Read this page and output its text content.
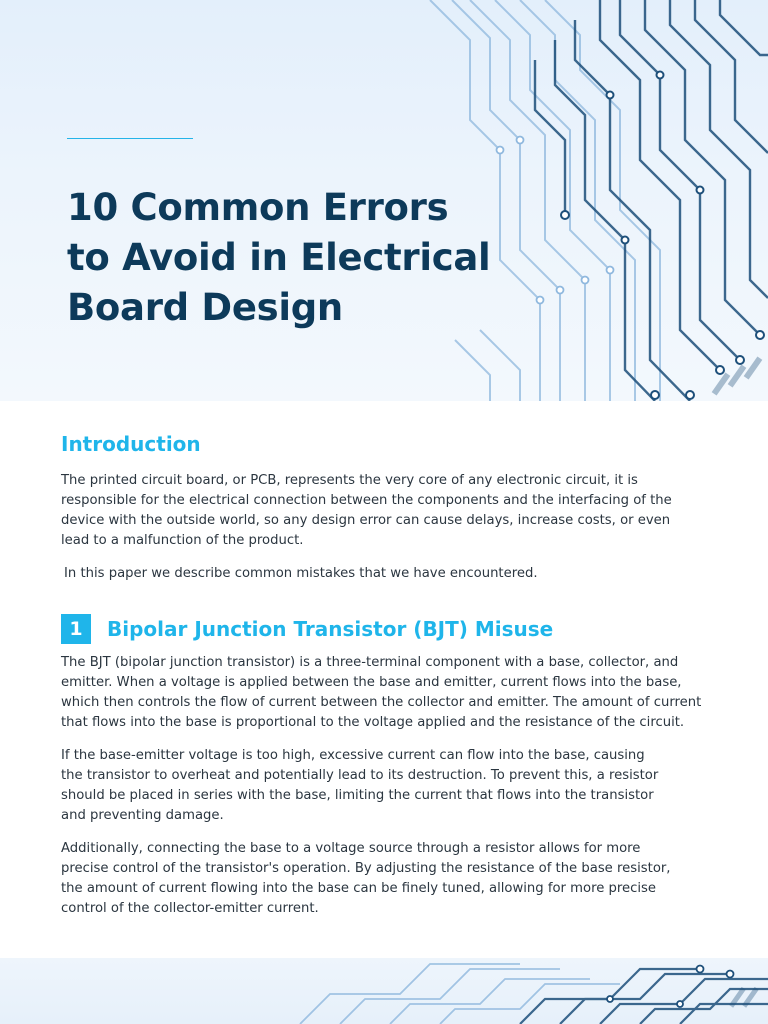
10 Common Errors
to Avoid in Electrical
Board Design
Introduction

The printed circuit board, or PCB, represents the very core of any electronic circuit, it is
responsible for the electrical connection between the components and the interfacing of the
device with the outside world, so any design error can cause delays, increase costs, or even
lead to a malfunction of the product.

In this paper we describe common mistakes that we have encountered.

1	Bipolar Junction Transistor (BJT) Misuse

The BJT (bipolar junction transistor) is a three-terminal component with a base, collector, and
emitter. When a voltage is applied between the base and emitter, current flows into the base,
which then controls the flow of current between the collector and emitter. The amount of current
that flows into the base is proportional to the voltage applied and the resistance of the circuit.

If the base-emitter voltage is too high, excessive current can flow into the base, causing
the transistor to overheat and potentially lead to its destruction. To prevent this, a resistor
should be placed in series with the base, limiting the current that flows into the transistor
and preventing damage.

Additionally, connecting the base to a voltage source through a resistor allows for more
precise control of the transistor's operation. By adjusting the resistance of the base resistor,
the amount of current flowing into the base can be finely tuned, allowing for more precise
control of the collector-emitter current.
